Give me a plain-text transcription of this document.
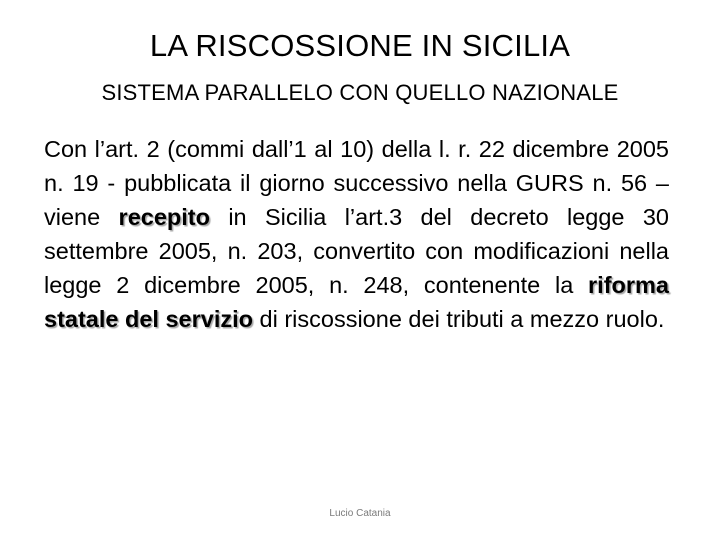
LA RISCOSSIONE IN SICILIA
SISTEMA PARALLELO CON QUELLO NAZIONALE
Con l’art. 2 (commi dall’1 al 10) della l. r. 22 dicembre 2005 n. 19 - pubblicata il giorno successivo nella GURS n. 56 – viene recepito in Sicilia l’art.3 del decreto legge 30 settembre 2005, n. 203, convertito con modificazioni nella legge 2 dicembre 2005, n. 248, contenente la riforma statale del servizio di riscossione dei tributi a mezzo ruolo.
Lucio Catania
